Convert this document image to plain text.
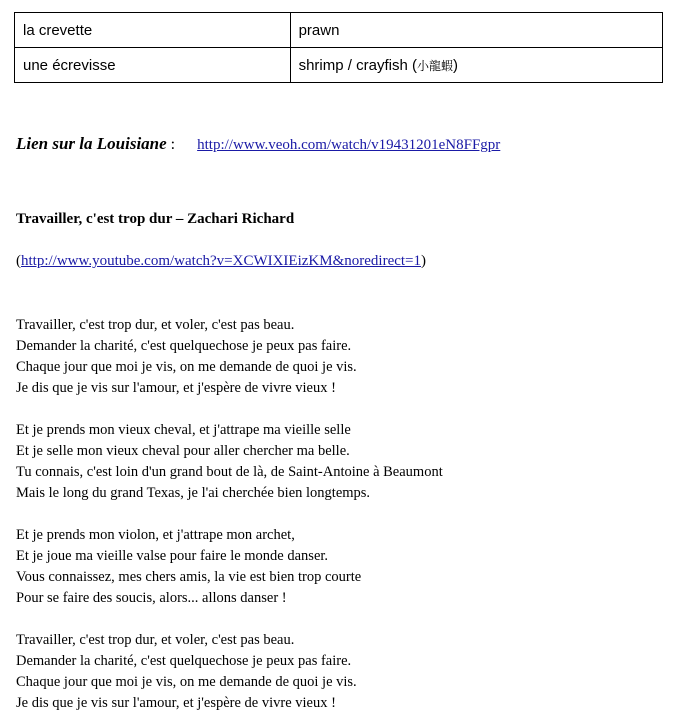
la crevette	prawn
une écrevisse	shrimp / crayfish (小龍蝦)
Lien sur la Louisiane : http://www.veoh.com/watch/v19431201eN8FFgpr
Travailler, c'est trop dur – Zachari Richard
(http://www.youtube.com/watch?v=XCWIXIEizKM&noredirect=1)
Travailler, c'est trop dur, et voler, c'est pas beau.
Demander la charité, c'est quelquechose je peux pas faire.
Chaque jour que moi je vis, on me demande de quoi je vis.
Je dis que je vis sur l'amour, et j'espère de vivre vieux !
Et je prends mon vieux cheval, et j'attrape ma vieille selle
Et je selle mon vieux cheval pour aller chercher ma belle.
Tu connais, c'est loin d'un grand bout de là, de Saint-Antoine à Beaumont
Mais le long du grand Texas, je l'ai cherchée bien longtemps.
Et je prends mon violon, et j'attrape mon archet,
Et je joue ma vieille valse pour faire le monde danser.
Vous connaissez, mes chers amis, la vie est bien trop courte
Pour se faire des soucis, alors... allons danser !
Travailler, c'est trop dur, et voler, c'est pas beau.
Demander la charité, c'est quelquechose je peux pas faire.
Chaque jour que moi je vis, on me demande de quoi je vis.
Je dis que je vis sur l'amour, et j'espère de vivre vieux !
